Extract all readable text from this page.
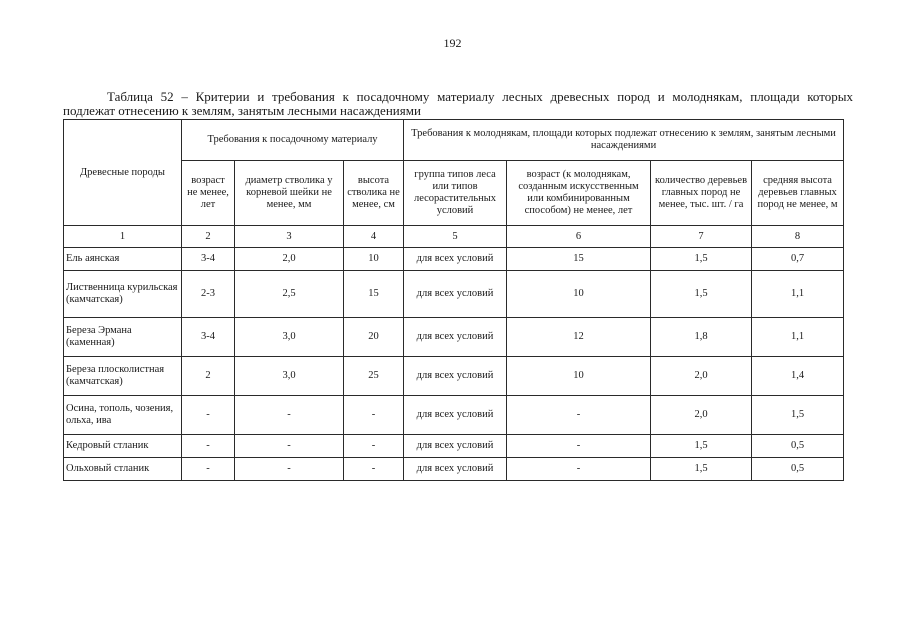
192
Таблица 52 – Критерии и требования к посадочному материалу лесных древесных пород и молоднякам, площади которых
подлежат отнесению к землям, занятым лесными насаждениями
Древесные породы	Требования к посадочному материалу			Требования к молоднякам, площади которых подлежат отнесению к землям, занятым лесными насаждениями			
	возраст не менее, лет	диаметр стволика у корневой шейки не менее, мм	высота стволика не менее, см	группа типов леса или типов лесорастительных условий	возраст (к молоднякам, созданным искусственным или комбинированным способом) не менее, лет	количество деревьев главных пород не менее, тыс. шт. / га	средняя высота деревьев главных пород не менее, м
1	2	3	4	5	6	7	8
Ель аянская	3-4	2,0	10	для всех условий	15	1,5	0,7
Лиственница курильская (камчатская)	2-3	2,5	15	для всех условий	10	1,5	1,1
Береза Эрмана (каменная)	3-4	3,0	20	для всех условий	12	1,8	1,1
Береза плосколистная (камчатская)	2	3,0	25	для всех условий	10	2,0	1,4
Осина, тополь, чозения, ольха, ива	-	-	-	для всех условий	-	2,0	1,5
Кедровый стланик	-	-	-	для всех условий	-	1,5	0,5
Ольховый стланик	-	-	-	для всех условий	-	1,5	0,5
